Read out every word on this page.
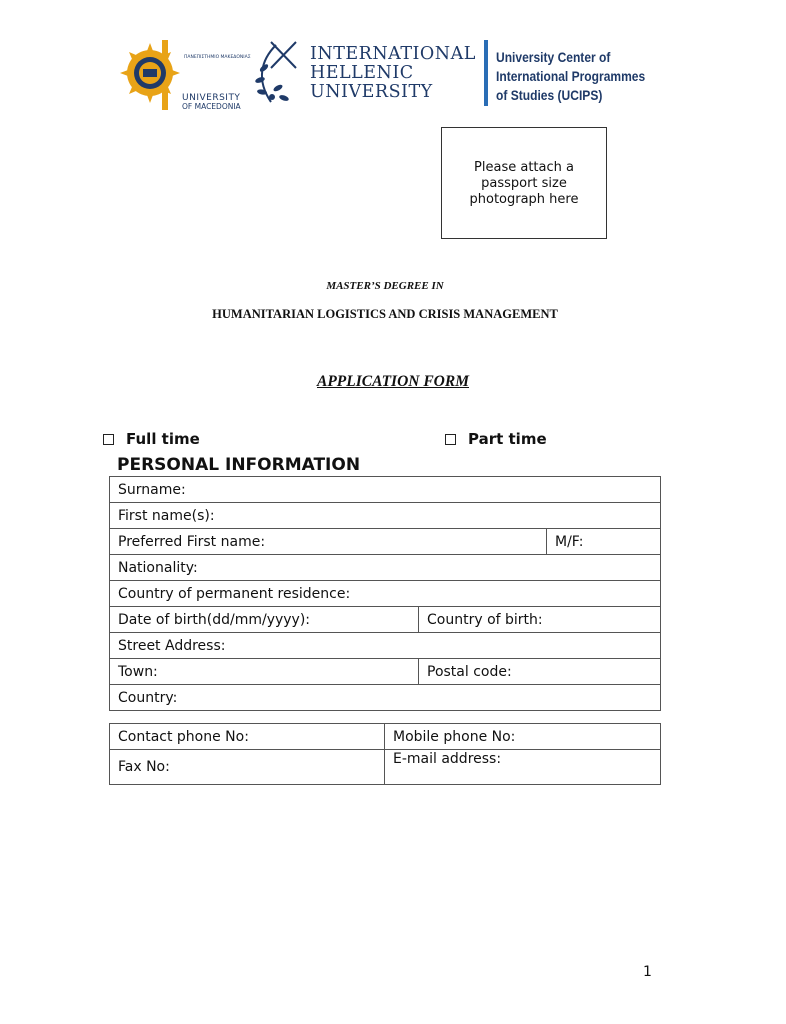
ΠΑΝΕΠΙΣΤΗΜΙΟ ΜΑΚΕΔΟΝΙΑΣ
UNIVERSITY
OF MACEDONIA
INTERNATIONAL
HELLENIC
UNIVERSITY
University Center of
International Programmes
of Studies (UCIPS)
Please attach a
passport size
photograph here
MASTER’S DEGREE IN
HUMANITARIAN LOGISTICS AND CRISIS MANAGEMENT
APPLICATION FORM
Full time	Part time
PERSONAL INFORMATION
Surname:		
First name(s):		
Preferred First name:		M/F:
Nationality:		
Country of permanent residence:		
Date of birth(dd/mm/yyyy):	Country of birth:	
Street Address:
Town:	Postal code:
Country:
Contact phone No:	Mobile phone No:
Fax No:	E-mail address:
1
